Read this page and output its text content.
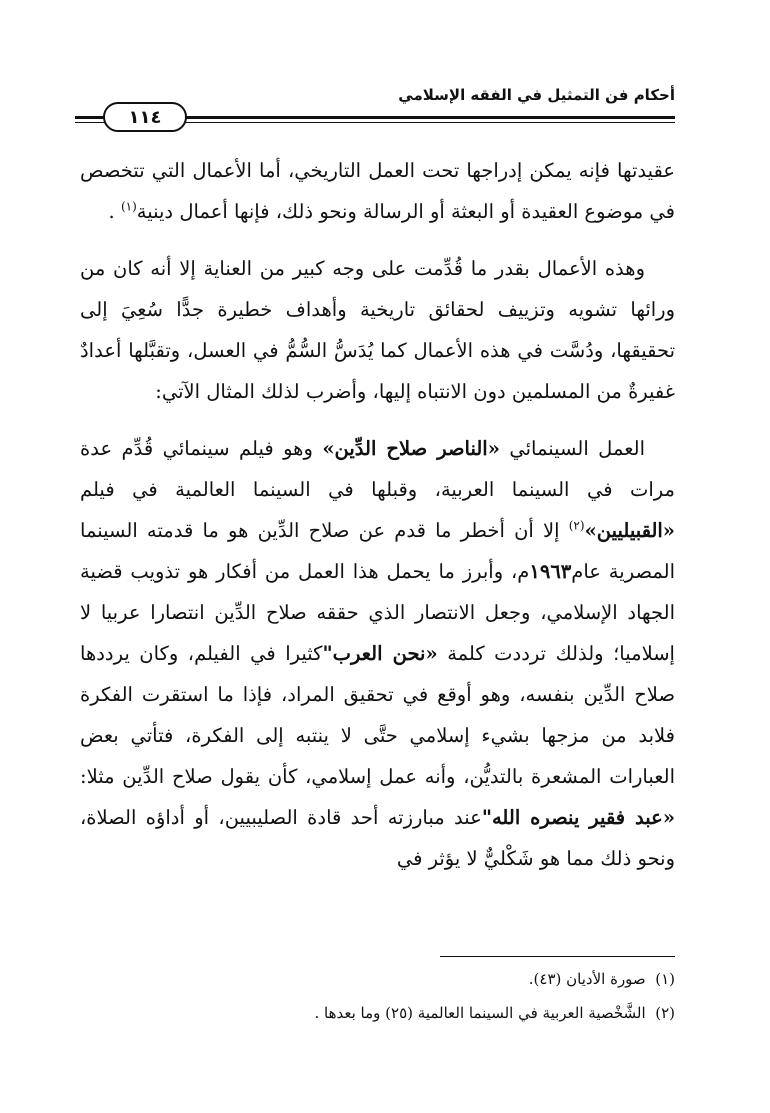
أحكام فن التمثيل في الفقه الإسلامي
١١٤

عقيدتها فإنه يمكن إدراجها تحت العمل التاريخي، أما الأعمال التي تتخصص في موضوع العقيدة أو البعثة أو الرسالة ونحو ذلك، فإنها أعمال دينية$^{(١)}$ .

وهذه الأعمال بقدر ما قُدِّمت على وجه كبير من العناية إلا أنه كان من ورائها تشويه وتزييف لحقائق تاريخية وأهداف خطيرة جدًّا سُعِيَ إلى تحقيقها، ودُسَّت في هذه الأعمال كما يُدَسُّ السُّمُّ في العسل، وتقبَّلها أعدادٌ غفيرةٌ من المسلمين دون الانتباه إليها، وأضرب لذلك المثال الآتي:

العمل السينمائي «الناصر صلاح الدِّين» وهو فيلم سينمائي قُدِّم عدة مرات في السينما العربية، وقبلها في السينما العالمية في فيلم «القبيليين»$^{(٢)}$ إلا أن أخطر ما قدم عن صلاح الدِّين هو ما قدمته السينما المصرية عام١٩٦٣م، وأبرز ما يحمل هذا العمل من أفكار هو تذويب قضية الجهاد الإسلامي، وجعل الانتصار الذي حققه صلاح الدِّين انتصارا عربيا لا إسلاميا؛ ولذلك ترددت كلمة «نحن العرب"كثيرا في الفيلم، وكان يرددها صلاح الدِّين بنفسه، وهو أوقع في تحقيق المراد، فإذا ما استقرت الفكرة فلابد من مزجها بشيء إسلامي حتَّى لا ينتبه إلى الفكرة، فتأتي بعض العبارات المشعرة بالتديُّن، وأنه عمل إسلامي، كأن يقول صلاح الدِّين مثلا: «عبد فقير ينصره الله"عند مبارزته أحد قادة الصليبيين، أو أداؤه الصلاة، ونحو ذلك مما هو شَكْليٌّ لا يؤثر في

(١)  صورة الأديان (٤٣).
(٢)  الشَّخْصية العربية في السينما العالمية (٢٥) وما بعدها .
